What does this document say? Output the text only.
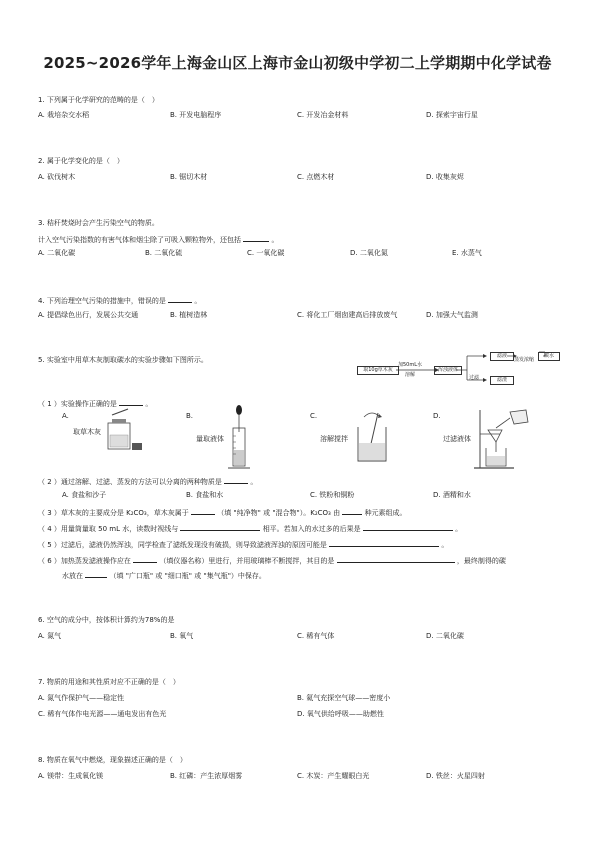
2025~2026学年上海金山区上海市金山初级中学初二上学期期中化学试卷
1. 下列属于化学研究的范畴的是（　）
A. 栽培杂交水稻	B. 开发电脑程序	C. 开发冶金材料	D. 探索宇宙行星
2. 属于化学变化的是（　）
A. 砍伐树木	B. 锯切木材	C. 点燃木材	D. 收集灰烬
3. 秸秆焚烧时会产生污染空气的物质。
计入空气污染指数的有害气体和烟尘除了可吸入颗粒物外，还包括	。
A. 二氧化碳	B. 二氧化硫	C. 一氧化碳	D. 二氧化氮	E. 水蒸气
4. 下列治理空气污染的措施中，错误的是	。
A. 提倡绿色出行，发展公共交通	B. 植树造林	C. 将化工厂烟囱建高后排放废气	D. 加强大气监测
5. 实验室中用草木灰制取碳水的实验步骤如下图所示。
取10g草木灰
加50mL水
溶解
浑浊液体
过滤
滤液
滤渣
蒸发浓缩
碳水
（ 1 ）实验操作正确的是	。
A.
取草木灰
B.
量取液体
C.
溶解搅拌
D.
过滤液体
（ 2 ）通过溶解、过滤、蒸发的方法可以分离的两种物质是	。
A. 食盐和沙子	B. 食盐和水	C. 铁粉和铜粉	D. 酒精和水
（ 3 ）草木灰的主要成分是 K₂CO₃，草木灰属于	（填 "纯净物" 或 "混合物"）。K₂CO₃ 由	种元素组成。
（ 4 ）用量筒量取 50 mL 水，读数时视线与	相平。若加入的水过多的后果是	。
（ 5 ）过滤后，滤液仍然浑浊，同学检查了滤纸发现没有破损，则导致滤液浑浊的原因可能是	。
（ 6 ）加热蒸发滤液操作应在	（填仪器名称）里进行，并用玻璃棒不断搅拌，其目的是	，最终制得的碳
水放在	（填 "广口瓶" 或 "细口瓶" 或 "集气瓶"）中保存。
6. 空气的成分中，按体积计算约为78%的是
A. 氮气	B. 氧气	C. 稀有气体	D. 二氧化碳
7. 物质的用途和其性质对应不正确的是（　）
A. 氮气作保护气——稳定性	B. 氦气充探空气球——密度小
C. 稀有气体作电光源——通电发出有色光	D. 氧气供给呼吸——助燃性
8. 物质在氧气中燃烧，现象描述正确的是（　）
A. 镁带：生成氧化镁	B. 红磷：产生浓厚烟雾	C. 木炭：产生耀眼白光	D. 铁丝：火星四射
